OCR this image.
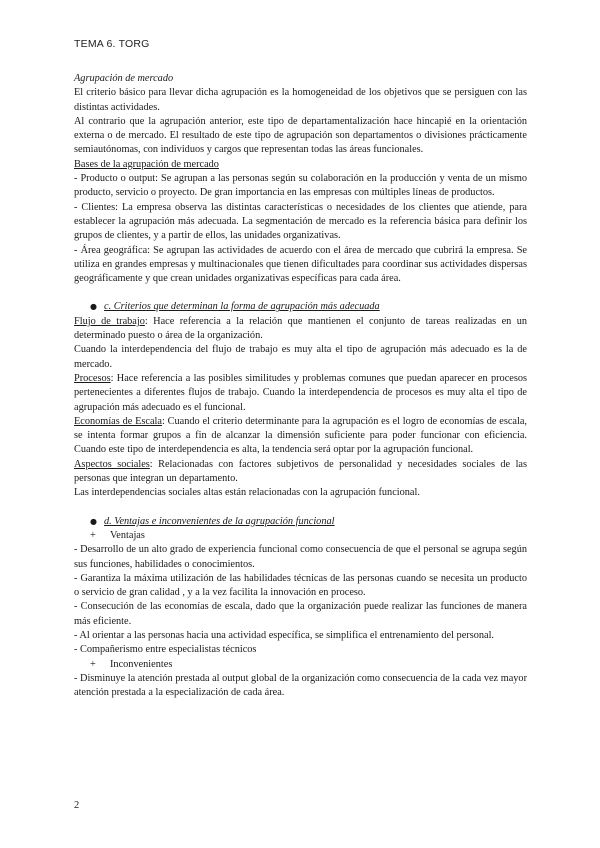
TEMA 6. TORG

Agrupación de mercado

El criterio básico para llevar dicha agrupación es la homogeneidad de los objetivos que se persiguen con las distintas actividades.

Al contrario que la agrupación anterior, este tipo de departamentalización hace hincapié en la orientación externa o de mercado. El resultado de este tipo de agrupación son departamentos o divisiones prácticamente semiautónomas, con individuos y cargos que representan todas las áreas funcionales.

Bases de la agrupación de mercado

- Producto o output: Se agrupan a las personas según su colaboración en la producción y venta de un mismo producto, servicio o proyecto. De gran importancia en las empresas con múltiples líneas de productos.

- Clientes: La empresa observa las distintas características o necesidades de los clientes que atiende, para establecer la agrupación más adecuada. La segmentación de mercado es la referencia básica para definir los grupos de clientes, y a partir de ellos, las unidades organizativas.

- Área geográfica: Se agrupan las actividades de acuerdo con el área de mercado que cubrirá la empresa. Se utiliza en grandes empresas y multinacionales que tienen dificultades para coordinar sus actividades dispersas geográficamente y que crean unidades organizativas específicas para cada área.

● c. Criterios que determinan la forma de agrupación más adecuada

Flujo de trabajo: Hace referencia a la relación que mantienen el conjunto de tareas realizadas en un determinado puesto o área de la organización.

Cuando la interdependencia del flujo de trabajo es muy alta el tipo de agrupación más adecuado es la de mercado.

Procesos: Hace referencia a las posibles similitudes y problemas comunes que puedan aparecer en procesos pertenecientes a diferentes flujos de trabajo. Cuando la interdependencia de procesos es muy alta el tipo de agrupación más adecuado es el funcional.

Economías de Escala: Cuando el criterio determinante para la agrupación es el logro de economías de escala, se intenta formar grupos a fin de alcanzar la dimensión suficiente para poder funcionar con eficiencia. Cuando este tipo de interdependencia es alta, la tendencia será optar por la agrupación funcional.

Aspectos sociales: Relacionadas con factores subjetivos de personalidad y necesidades sociales de las personas que integran un departamento.

Las interdependencias sociales altas están relacionadas con la agrupación funcional.

● d. Ventajas e inconvenientes de la agrupación funcional
+	Ventajas

- Desarrollo de un alto grado de experiencia funcional como consecuencia de que el personal se agrupa según sus funciones, habilidades o conocimientos.

- Garantiza la máxima utilización de las habilidades técnicas de las personas cuando se necesita un producto o servicio de gran calidad , y a la vez facilita la innovación en proceso.

- Consecución de las economías de escala, dado que la organización puede realizar las funciones de manera más eficiente.

- Al orientar a las personas hacia una actividad específica, se simplifica el entrenamiento del personal.

- Compañerismo entre especialistas técnicos

+	Inconvenientes

- Disminuye la atención prestada al output global de la organización como consecuencia de la cada vez mayor atención prestada a la especialización de cada área.

2
